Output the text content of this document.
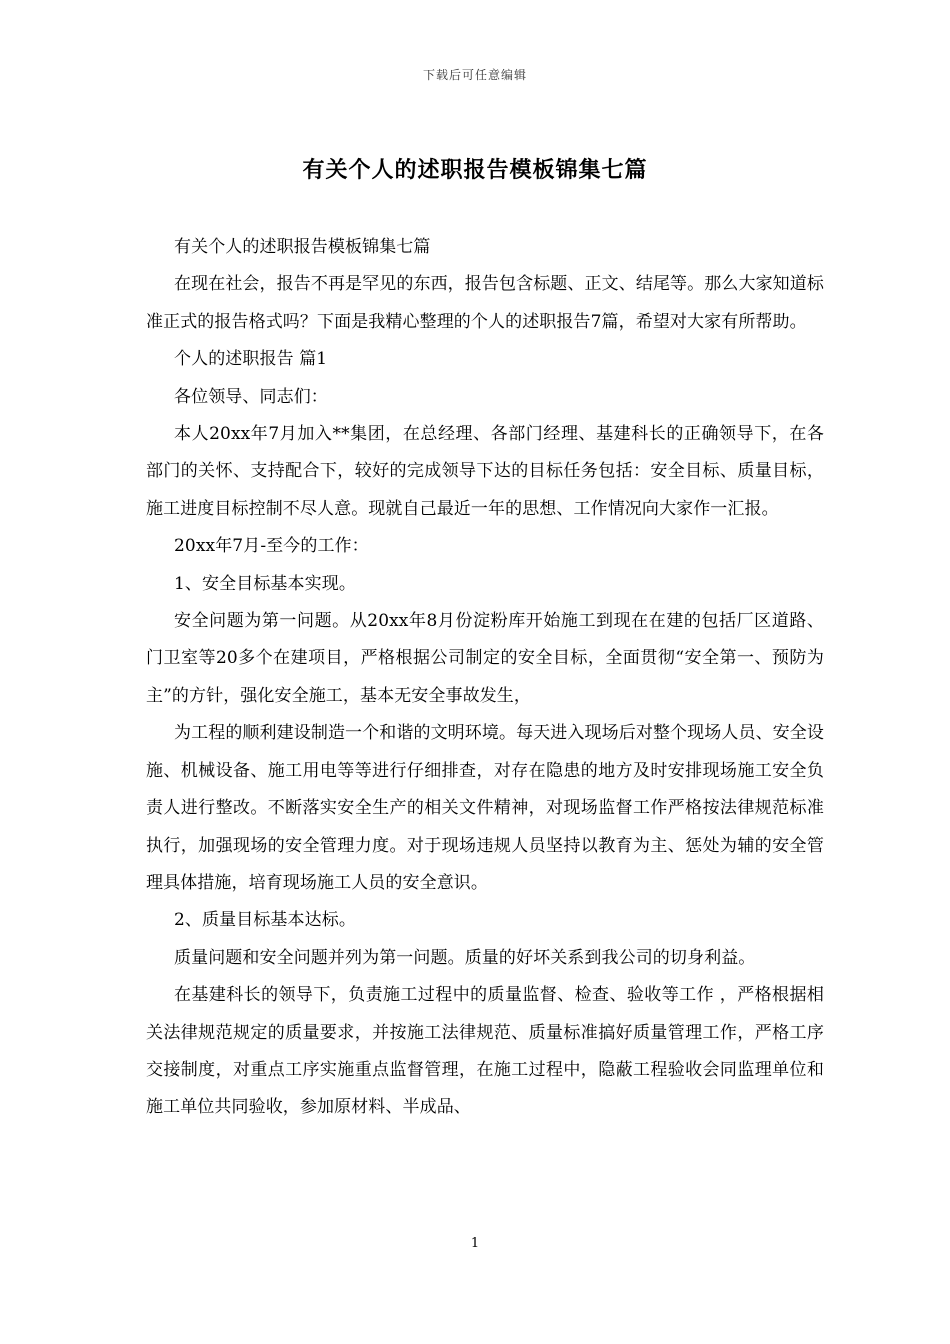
下载后可任意编辑
有关个人的述职报告模板锦集七篇

有关个人的述职报告模板锦集七篇

在现在社会，报告不再是罕见的东西，报告包含标题、正文、结尾等。那么大家知道标准正式的报告格式吗？下面是我精心整理的个人的述职报告7篇，希望对大家有所帮助。

个人的述职报告 篇1

各位领导、同志们：

本人20xx年7月加入**集团，在总经理、各部门经理、基建科长的正确领导下，在各部门的关怀、支持配合下，较好的完成领导下达的目标任务包括：安全目标、质量目标，施工进度目标控制不尽人意。现就自己最近一年的思想、工作情况向大家作一汇报。

20xx年7月-至今的工作：

1、安全目标基本实现。

安全问题为第一问题。从20xx年8月份淀粉库开始施工到现在在建的包括厂区道路、门卫室等20多个在建项目，严格根据公司制定的安全目标，全面贯彻“安全第一、预防为主”的方针，强化安全施工，基本无安全事故发生，

为工程的顺利建设制造一个和谐的文明环境。每天进入现场后对整个现场人员、安全设施、机械设备、施工用电等等进行仔细排查，对存在隐患的地方及时安排现场施工安全负责人进行整改。不断落实安全生产的相关文件精神，对现场监督工作严格按法律规范标准执行，加强现场的安全管理力度。对于现场违规人员坚持以教育为主、惩处为辅的安全管理具体措施，培育现场施工人员的安全意识。

2、质量目标基本达标。

质量问题和安全问题并列为第一问题。质量的好坏关系到我公司的切身利益。

在基建科长的领导下，负责施工过程中的质量监督、检查、验收等工作 ，严格根据相关法律规范规定的质量要求，并按施工法律规范、质量标准搞好质量管理工作，严格工序交接制度，对重点工序实施重点监督管理，在施工过程中，隐蔽工程验收会同监理单位和施工单位共同验收，参加原材料、半成品、

1
